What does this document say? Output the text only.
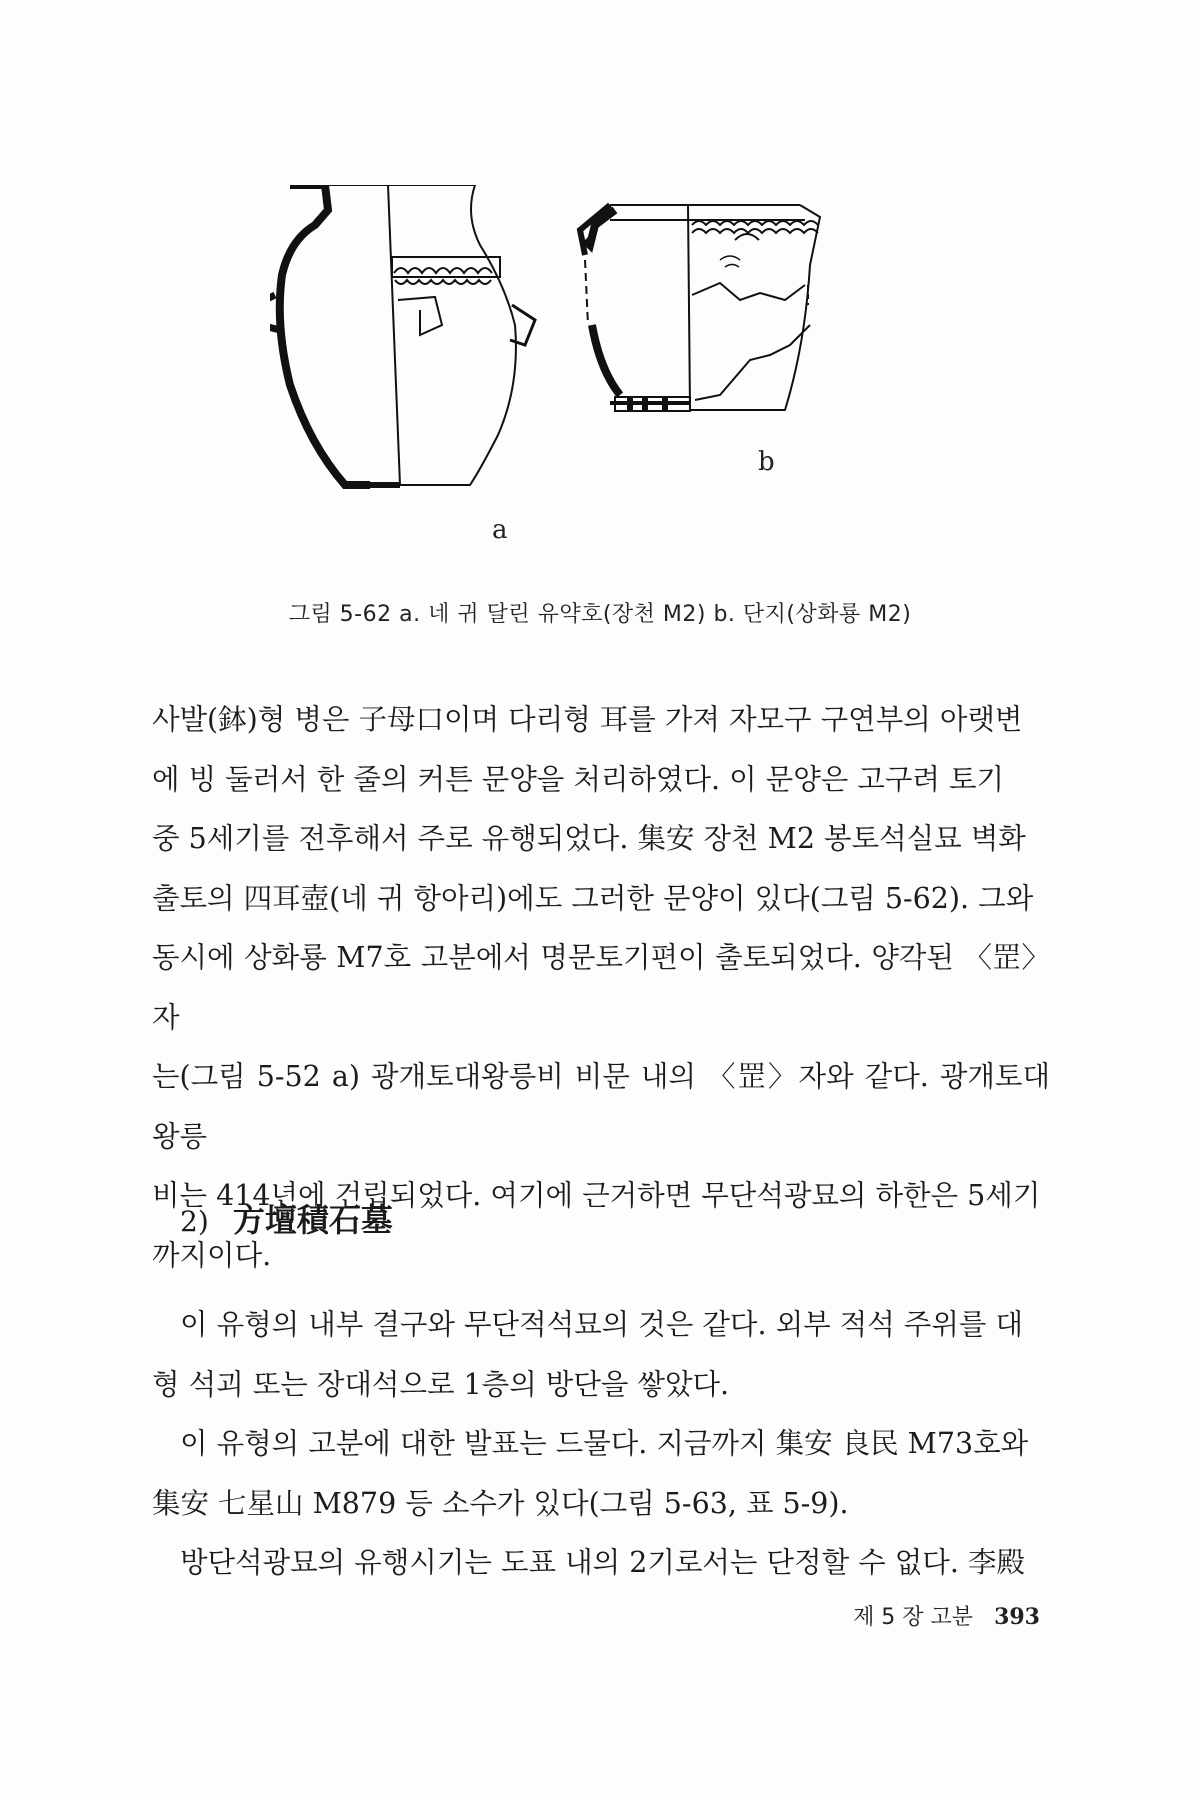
a
b
그림 5-62 a. 네 귀 달린 유약호(장천 M2) b. 단지(상화룡 M2)

사발(鉢)형 병은 子母口이며 다리형 耳를 가져 자모구 구연부의 아랫변

에 빙 둘러서 한 줄의 커튼 문양을 처리하였다. 이 문양은 고구려 토기

중 5세기를 전후해서 주로 유행되었다. 集安 장천 M2 봉토석실묘 벽화

출토의 四耳壺(네 귀 항아리)에도 그러한 문양이 있다(그림 5-62). 그와

동시에 상화룡 M7호 고분에서 명문토기편이 출토되었다. 양각된 〈罡〉자

는(그림 5-52 a) 광개토대왕릉비 비문 내의 〈罡〉자와 같다. 광개토대왕릉

비는 414년에 건립되었다. 여기에 근거하면 무단석광묘의 하한은 5세기

까지이다.

2) 方壇積石墓

이 유형의 내부 결구와 무단적석묘의 것은 같다. 외부 적석 주위를 대

형 석괴 또는 장대석으로 1층의 방단을 쌓았다.

이 유형의 고분에 대한 발표는 드물다. 지금까지 集安 良民 M73호와

集安 七星山 M879 등 소수가 있다(그림 5-63, 표 5-9).

방단석광묘의 유행시기는 도표 내의 2기로서는 단정할 수 없다. 李殿

제 5 장 고분 393
